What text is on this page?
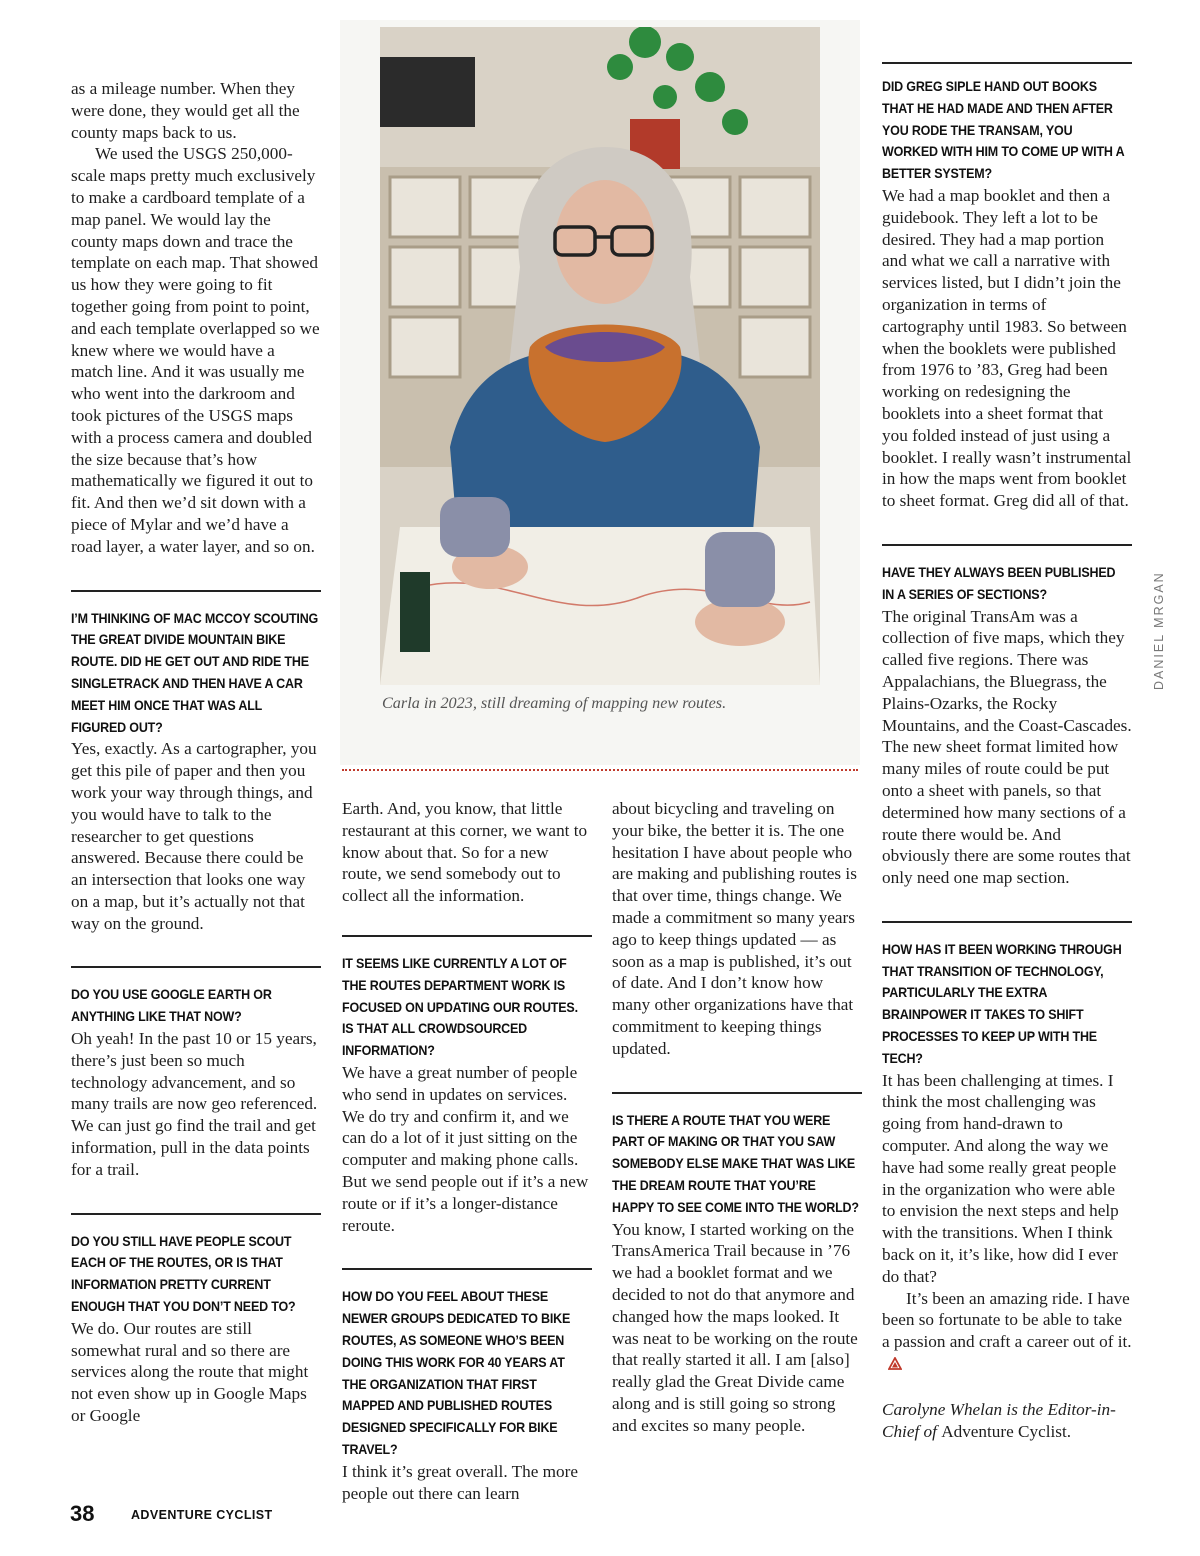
as a mileage number. When they were done, they would get all the county maps back to us.

We used the USGS 250,000-scale maps pretty much exclusively to make a cardboard template of a map panel. We would lay the county maps down and trace the template on each map. That showed us how they were going to fit together going from point to point, and each template overlapped so we knew where we would have a match line. And it was usually me who went into the darkroom and took pictures of the USGS maps with a process camera and doubled the size because that’s how mathematically we figured it out to fit. And then we’d sit down with a piece of Mylar and we’d have a road layer, a water layer, and so on.

I’M THINKING OF MAC MCCOY SCOUTING THE GREAT DIVIDE MOUNTAIN BIKE ROUTE. DID HE GET OUT AND RIDE THE SINGLETRACK AND THEN HAVE A CAR MEET HIM ONCE THAT WAS ALL FIGURED OUT?

Yes, exactly. As a cartographer, you get this pile of paper and then you work your way through things, and you would have to talk to the researcher to get questions answered. Because there could be an intersection that looks one way on a map, but it’s actually not that way on the ground.

DO YOU USE GOOGLE EARTH OR ANYTHING LIKE THAT NOW?

Oh yeah! In the past 10 or 15 years, there’s just been so much technology advancement, and so many trails are now geo referenced. We can just go find the trail and get information, pull in the data points for a trail.

DO YOU STILL HAVE PEOPLE SCOUT EACH OF THE ROUTES, OR IS THAT INFORMATION PRETTY CURRENT ENOUGH THAT YOU DON’T NEED TO?

We do. Our routes are still somewhat rural and so there are services along the route that might not even show up in Google Maps or Google

Carla in 2023, still dreaming of mapping new routes.

Earth. And, you know, that little restaurant at this corner, we want to know about that. So for a new route, we send somebody out to collect all the information.

IT SEEMS LIKE CURRENTLY A LOT OF THE ROUTES DEPARTMENT WORK IS FOCUSED ON UPDATING OUR ROUTES. IS THAT ALL CROWDSOURCED INFORMATION?

We have a great number of people who send in updates on services. We do try and confirm it, and we can do a lot of it just sitting on the computer and making phone calls. But we send people out if it’s a new route or if it’s a longer-distance reroute.

HOW DO YOU FEEL ABOUT THESE NEWER GROUPS DEDICATED TO BIKE ROUTES, AS SOMEONE WHO’S BEEN DOING THIS WORK FOR 40 YEARS AT THE ORGANIZATION THAT FIRST MAPPED AND PUBLISHED ROUTES DESIGNED SPECIFICALLY FOR BIKE TRAVEL?

I think it’s great overall. The more people out there can learn

about bicycling and traveling on your bike, the better it is. The one hesitation I have about people who are making and publishing routes is that over time, things change. We made a commitment so many years ago to keep things updated — as soon as a map is published, it’s out of date. And I don’t know how many other organizations have that commitment to keeping things updated.

IS THERE A ROUTE THAT YOU WERE PART OF MAKING OR THAT YOU SAW SOMEBODY ELSE MAKE THAT WAS LIKE THE DREAM ROUTE THAT YOU’RE HAPPY TO SEE COME INTO THE WORLD?

You know, I started working on the TransAmerica Trail because in ’76 we had a booklet format and we decided to not do that anymore and changed how the maps looked. It was neat to be working on the route that really started it all. I am [also] really glad the Great Divide came along and is still going so strong and excites so many people.

DID GREG SIPLE HAND OUT BOOKS THAT HE HAD MADE AND THEN AFTER YOU RODE THE TRANSAM, YOU WORKED WITH HIM TO COME UP WITH A BETTER SYSTEM?

We had a map booklet and then a guidebook. They left a lot to be desired. They had a map portion and what we call a narrative with services listed, but I didn’t join the organization in terms of cartography until 1983. So between when the booklets were published from 1976 to ’83, Greg had been working on redesigning the booklets into a sheet format that you folded instead of just using a booklet. I really wasn’t instrumental in how the maps went from booklet to sheet format. Greg did all of that.

HAVE THEY ALWAYS BEEN PUBLISHED IN A SERIES OF SECTIONS?

The original TransAm was a collection of five maps, which they called five regions. There was Appalachians, the Bluegrass, the Plains-Ozarks, the Rocky Mountains, and the Coast-Cascades. The new sheet format limited how many miles of route could be put onto a sheet with panels, so that determined how many sections of a route there would be. And obviously there are some routes that only need one map section.

HOW HAS IT BEEN WORKING THROUGH THAT TRANSITION OF TECHNOLOGY, PARTICULARLY THE EXTRA BRAINPOWER IT TAKES TO SHIFT PROCESSES TO KEEP UP WITH THE TECH?

It has been challenging at times. I think the most challenging was going from hand-drawn to computer. And along the way we have had some really great people in the organization who were able to envision the next steps and help with the transitions. When I think back on it, it’s like, how did I ever do that?

It’s been an amazing ride. I have been so fortunate to be able to take a passion and craft a career out of it.

Carolyne Whelan is the Editor-in-Chief of Adventure Cyclist.

DANIEL MRGAN
38	ADVENTURE CYCLIST
